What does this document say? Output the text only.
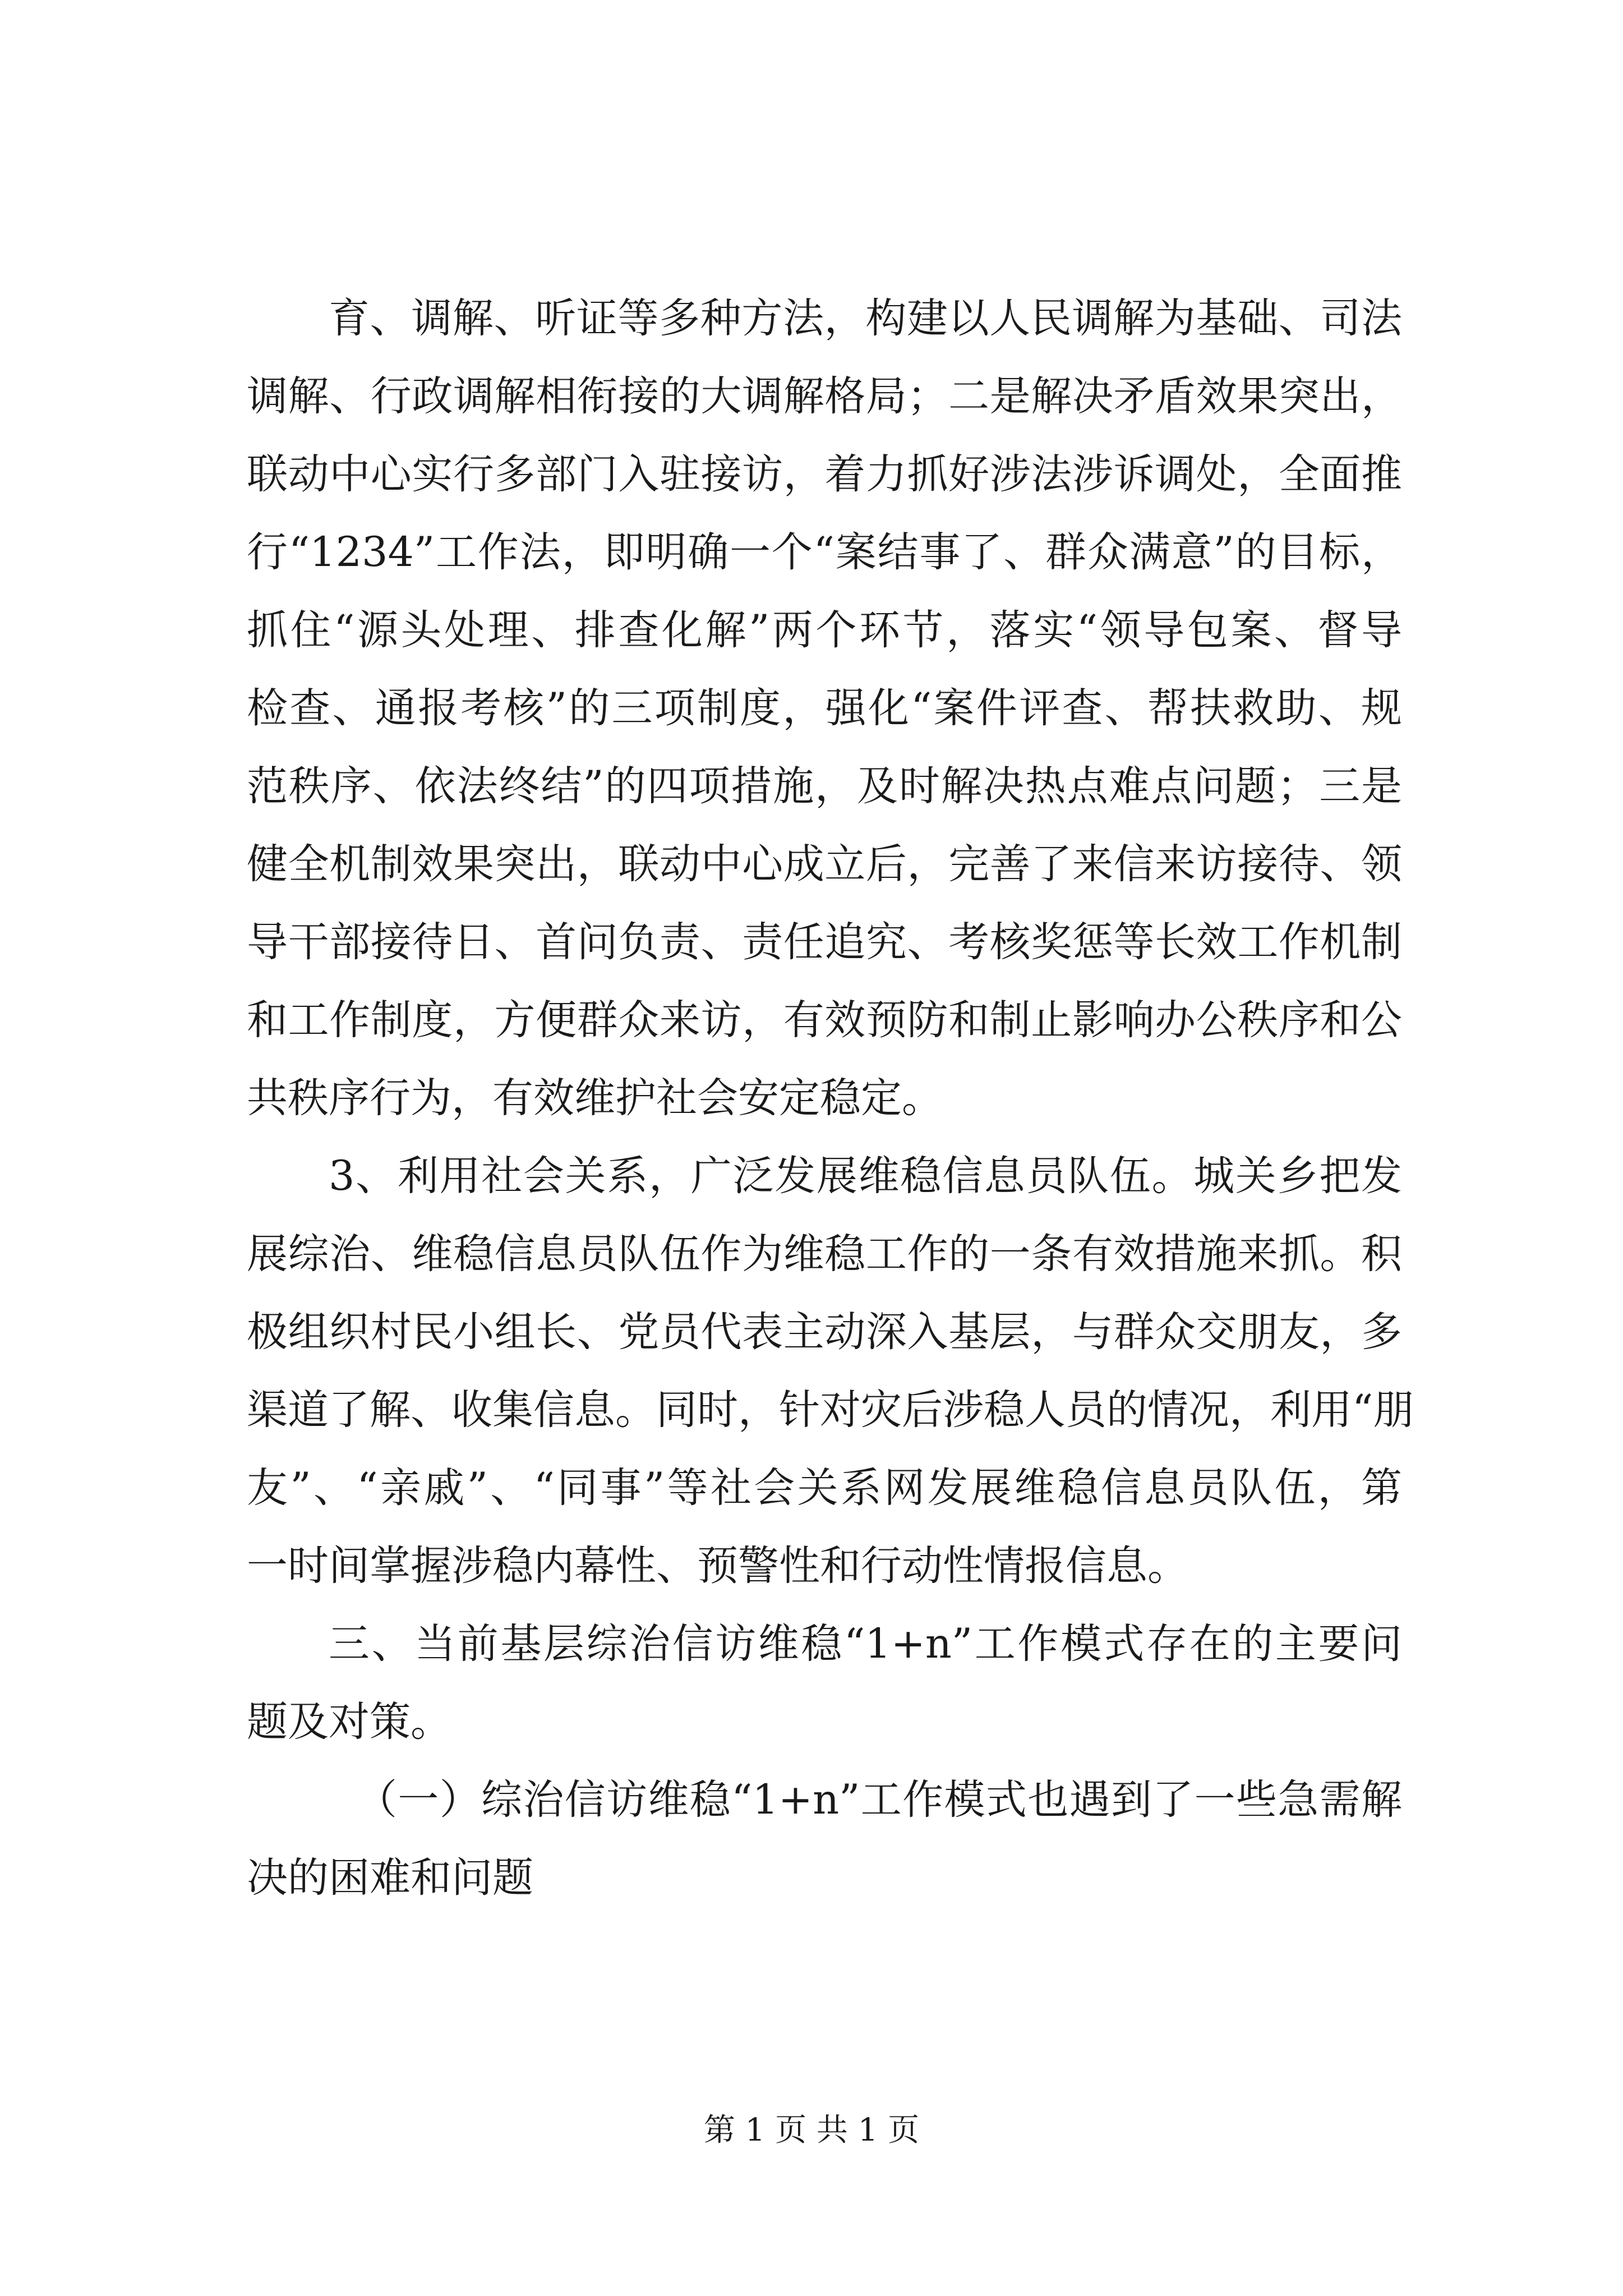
育、调解、听证等多种方法，构建以人民调解为基础、司法
调解、行政调解相衔接的大调解格局；二是解决矛盾效果突出，
联动中心实行多部门入驻接访，着力抓好涉法涉诉调处，全面推
行“1234”工作法，即明确一个“案结事了、群众满意”的目标，
抓住“源头处理、排查化解”两个环节，落实“领导包案、督导
检查、通报考核”的三项制度，强化“案件评查、帮扶救助、规
范秩序、依法终结”的四项措施，及时解决热点难点问题；三是
健全机制效果突出，联动中心成立后，完善了来信来访接待、领
导干部接待日、首问负责、责任追究、考核奖惩等长效工作机制
和工作制度，方便群众来访，有效预防和制止影响办公秩序和公
共秩序行为，有效维护社会安定稳定。
3、利用社会关系，广泛发展维稳信息员队伍。城关乡把发
展综治、维稳信息员队伍作为维稳工作的一条有效措施来抓。积
极组织村民小组长、党员代表主动深入基层，与群众交朋友，多
渠道了解、收集信息。同时，针对灾后涉稳人员的情况，利用“朋
友”、“亲戚”、“同事”等社会关系网发展维稳信息员队伍，第
一时间掌握涉稳内幕性、预警性和行动性情报信息。
三、当前基层综治信访维稳“1+n”工作模式存在的主要问
题及对策。
（一）综治信访维稳“1+n”工作模式也遇到了一些急需解
决的困难和问题
第 1 页 共 1 页
